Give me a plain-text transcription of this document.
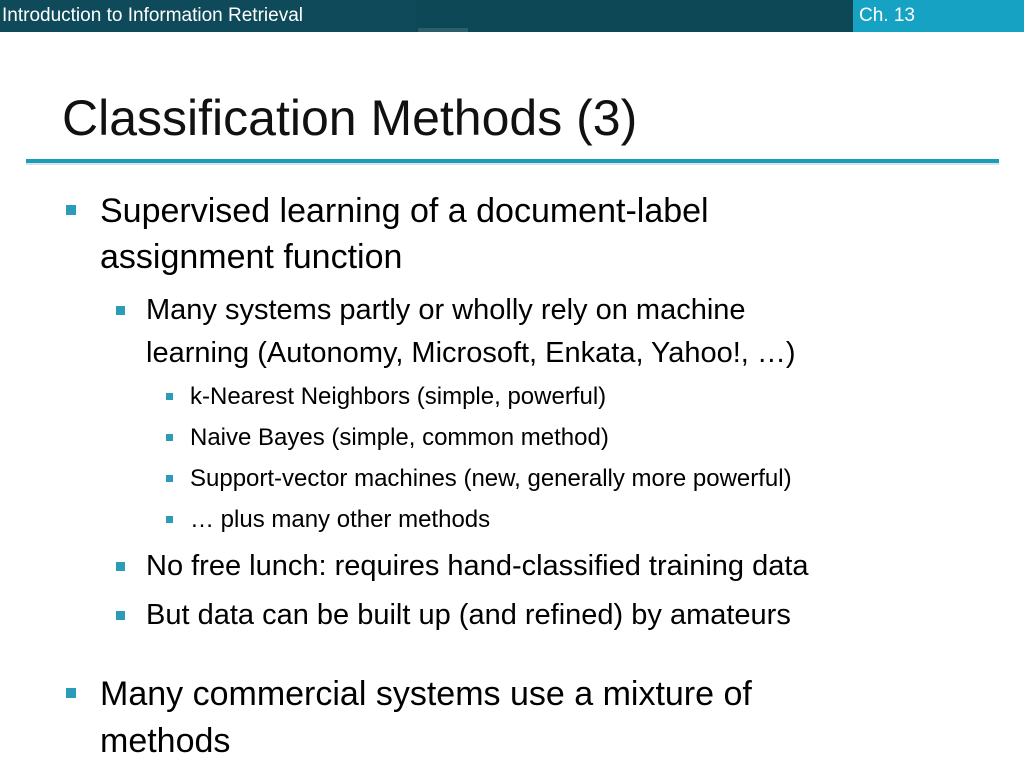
Introduction to Information Retrieval	Ch. 13
Classification Methods (3)
Supervised learning of a document-label
assignment function
Many systems partly or wholly rely on machine
learning (Autonomy, Microsoft, Enkata, Yahoo!, …)
k-Nearest Neighbors (simple, powerful)
Naive Bayes (simple, common method)
Support-vector machines (new, generally more powerful)
… plus many other methods
No free lunch: requires hand-classified training data
But data can be built up (and refined) by amateurs
Many commercial systems use a mixture of
methods
